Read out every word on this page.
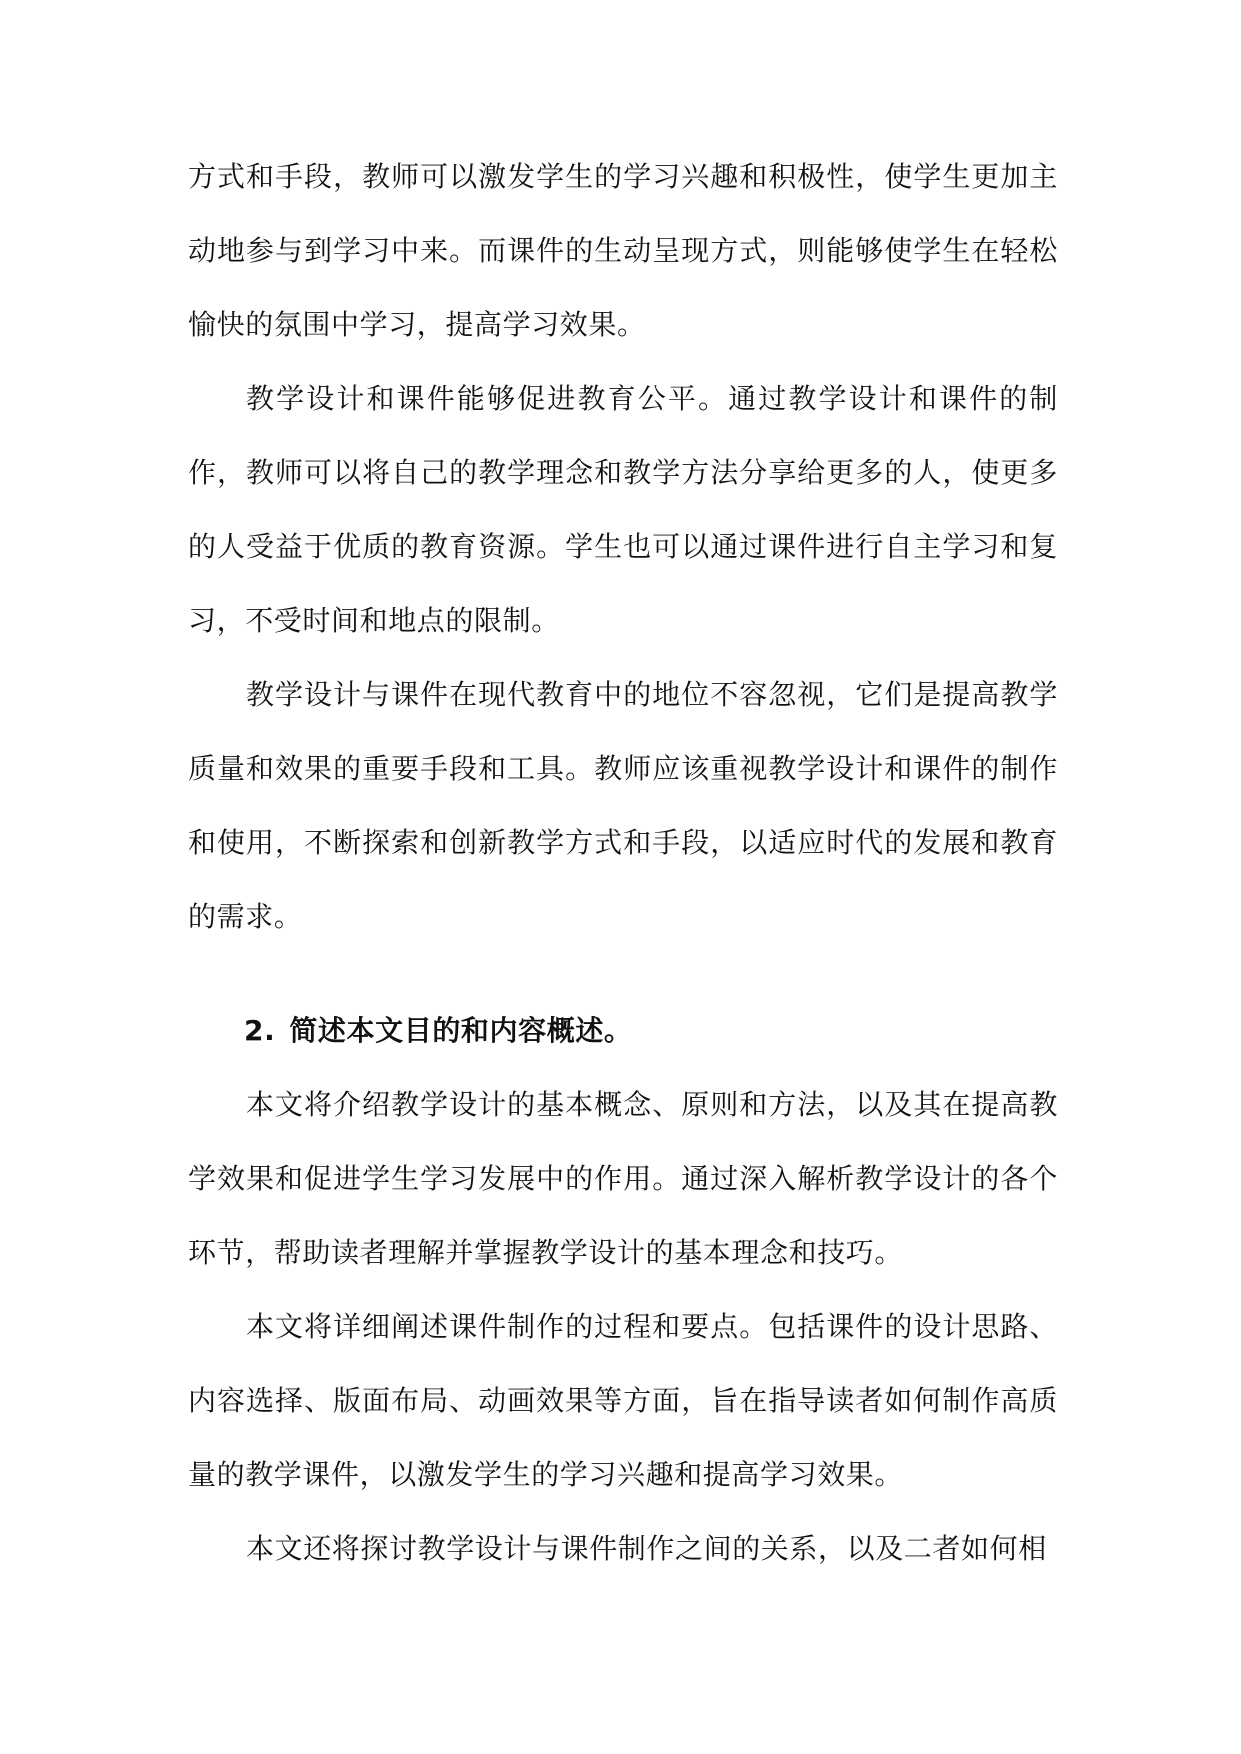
方式和手段，教师可以激发学生的学习兴趣和积极性，使学生更加主动地参与到学习中来。而课件的生动呈现方式，则能够使学生在轻松愉快的氛围中学习，提高学习效果。

教学设计和课件能够促进教育公平。通过教学设计和课件的制作，教师可以将自己的教学理念和教学方法分享给更多的人，使更多的人受益于优质的教育资源。学生也可以通过课件进行自主学习和复习，不受时间和地点的限制。

教学设计与课件在现代教育中的地位不容忽视，它们是提高教学质量和效果的重要手段和工具。教师应该重视教学设计和课件的制作和使用，不断探索和创新教学方式和手段，以适应时代的发展和教育的需求。

2. 简述本文目的和内容概述。

本文将介绍教学设计的基本概念、原则和方法，以及其在提高教学效果和促进学生学习发展中的作用。通过深入解析教学设计的各个环节，帮助读者理解并掌握教学设计的基本理念和技巧。

本文将详细阐述课件制作的过程和要点。包括课件的设计思路、内容选择、版面布局、动画效果等方面，旨在指导读者如何制作高质量的教学课件，以激发学生的学习兴趣和提高学习效果。

本文还将探讨教学设计与课件制作之间的关系，以及二者如何相
